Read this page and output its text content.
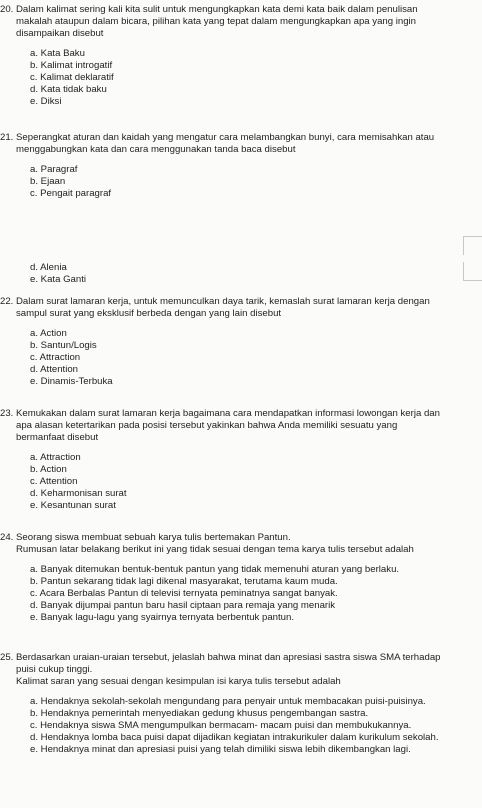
20. Dalam kalimat sering kali kita sulit untuk mengungkapkan kata demi kata baik dalam penulisan
makalah ataupun dalam bicara, pilihan kata yang tepat dalam mengungkapkan apa yang ingin
disampaikan disebut
a. Kata Baku
b. Kalimat introgatif
c. Kalimat deklaratif
d. Kata tidak baku
e. Diksi
21. Seperangkat aturan dan kaidah yang mengatur cara melambangkan bunyi, cara memisahkan atau
menggabungkan kata dan cara menggunakan tanda baca disebut
a. Paragraf
b. Ejaan
c. Pengait paragraf
d. Alenia
e. Kata Ganti
22. Dalam surat lamaran kerja, untuk memunculkan daya tarik, kemaslah surat lamaran kerja dengan
sampul surat yang eksklusif berbeda dengan yang lain disebut
a. Action
b. Santun/Logis
c. Attraction
d. Attention
e. Dinamis-Terbuka
23. Kemukakan dalam surat lamaran kerja bagaimana cara mendapatkan informasi lowongan kerja dan
apa alasan ketertarikan pada posisi tersebut yakinkan bahwa Anda memiliki sesuatu yang
bermanfaat disebut
a. Attraction
b. Action
c. Attention
d. Keharmonisan surat
e. Kesantunan surat
24. Seorang siswa membuat sebuah karya tulis bertemakan Pantun.
Rumusan latar belakang berikut ini yang tidak sesuai dengan tema karya tulis tersebut adalah
a. Banyak ditemukan bentuk-bentuk pantun yang tidak memenuhi aturan yang berlaku.
b. Pantun sekarang tidak lagi dikenal masyarakat, terutama kaum muda.
c. Acara Berbalas Pantun di televisi ternyata peminatnya sangat banyak.
d. Banyak dijumpai pantun baru hasil ciptaan para remaja yang menarik
e. Banyak lagu-lagu yang syairnya ternyata berbentuk pantun.
25. Berdasarkan uraian-uraian tersebut, jelaslah bahwa minat dan apresiasi sastra siswa SMA terhadap
puisi cukup tinggi.
Kalimat saran yang sesuai dengan kesimpulan isi karya tulis tersebut adalah
a. Hendaknya sekolah-sekolah mengundang para penyair untuk membacakan puisi-puisinya.
b. Hendaknya pemerintah menyediakan gedung khusus pengembangan sastra.
c. Hendaknya siswa SMA mengumpulkan bermacam- macam puisi dan membukukannya.
d. Hendaknya lomba baca puisi dapat dijadikan kegiatan intrakurikuler dalam kurikulum sekolah.
e. Hendaknya minat dan apresiasi puisi yang telah dimiliki siswa lebih dikembangkan lagi.
